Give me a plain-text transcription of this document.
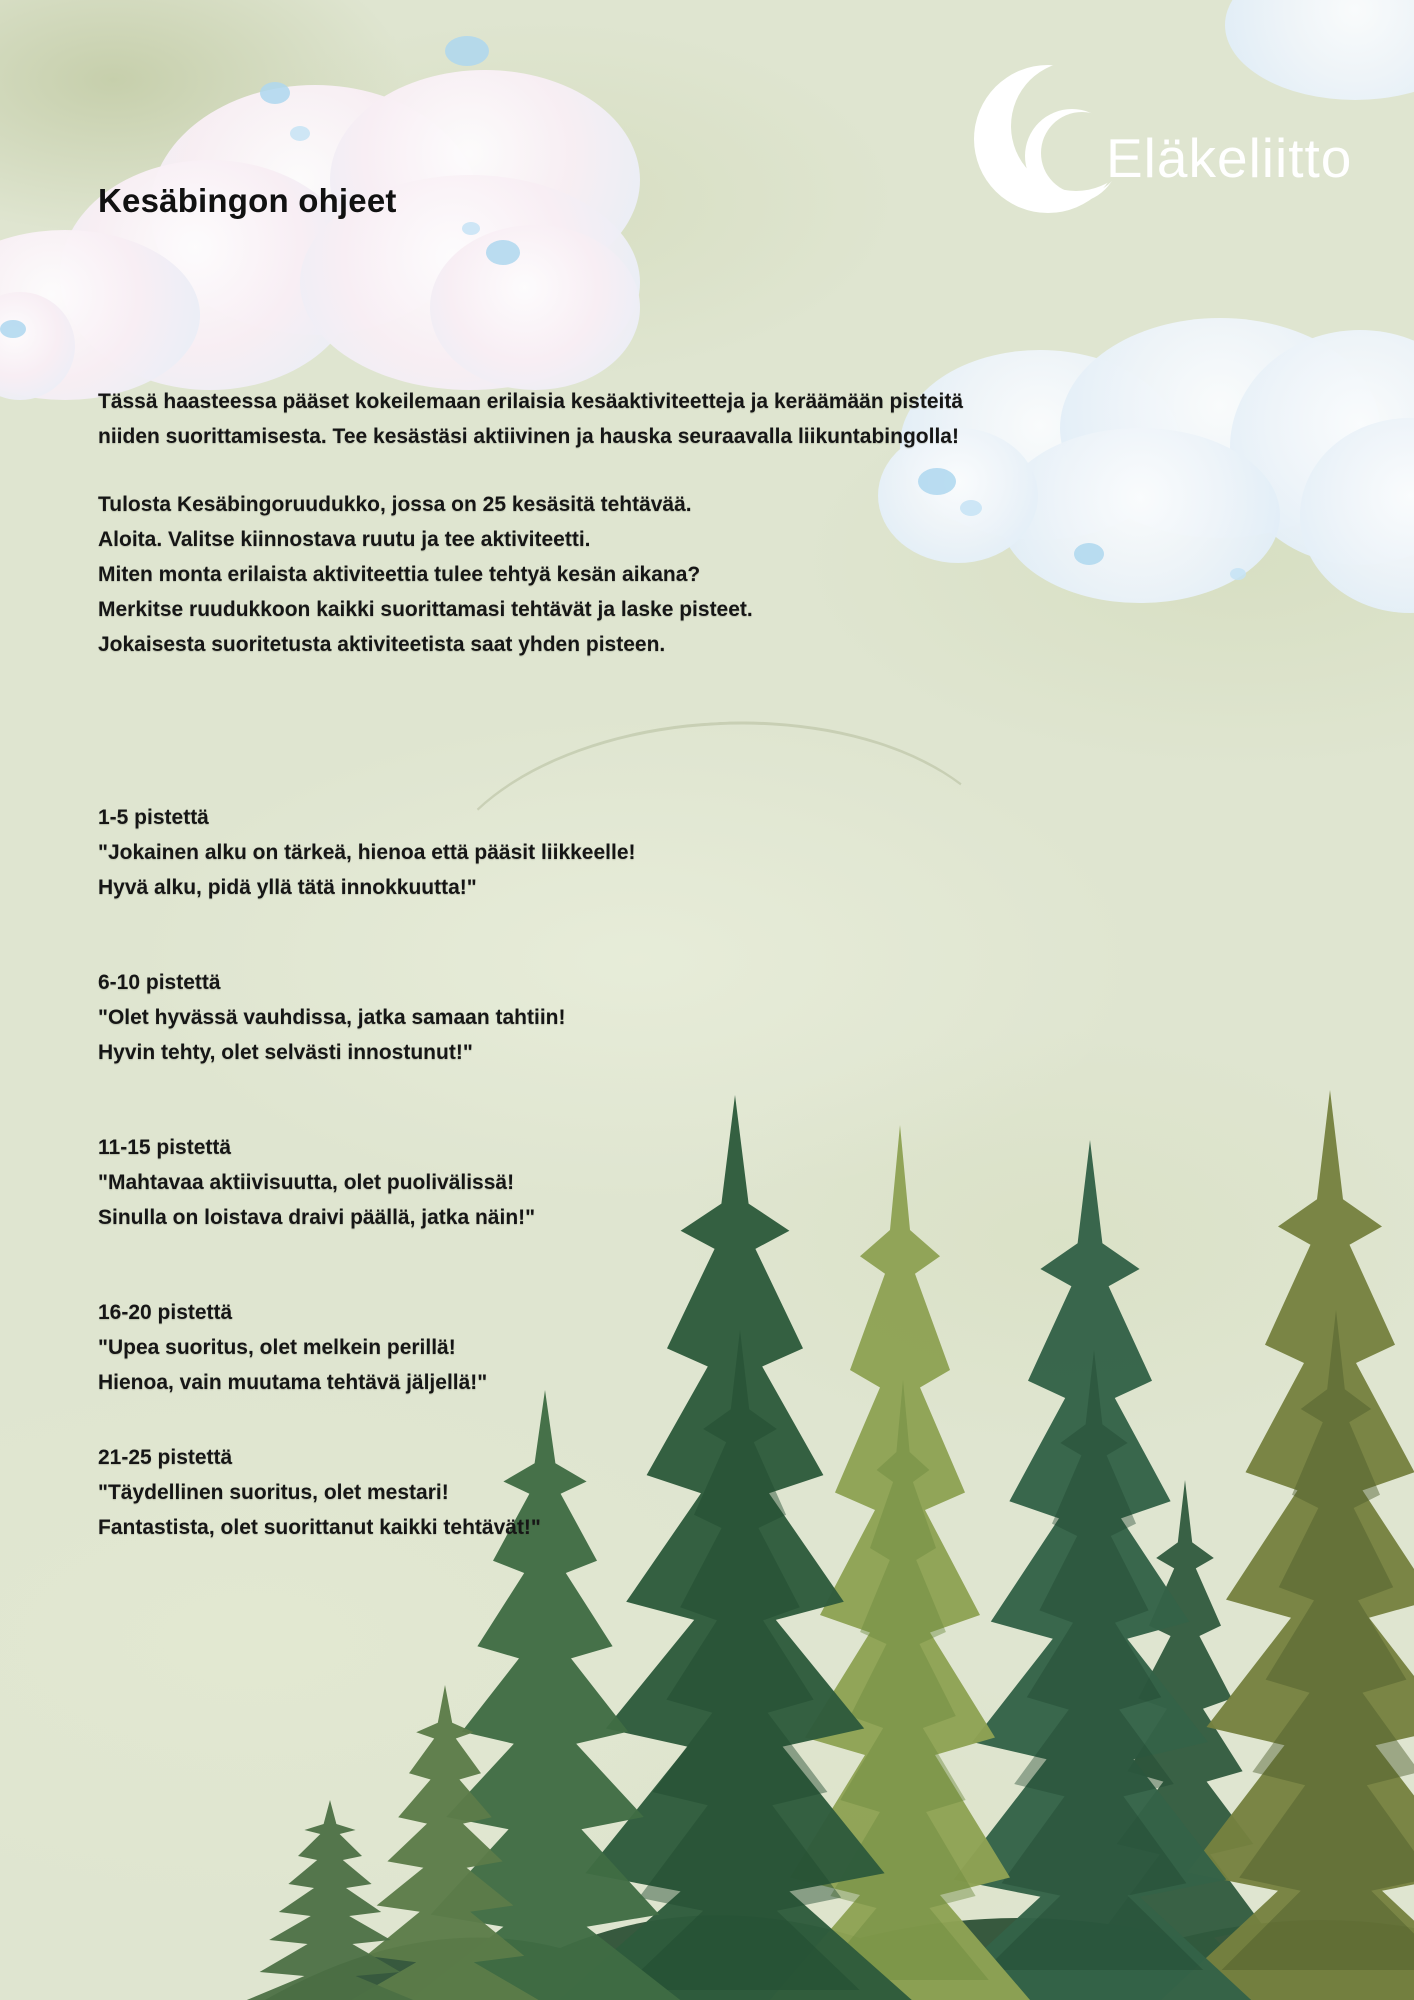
Eläkeliitto
Kesäbingon ohjeet
Tässä haasteessa pääset kokeilemaan erilaisia kesäaktiviteetteja ja keräämään pisteitä
niiden suorittamisesta. Tee kesästäsi aktiivinen ja hauska seuraavalla liikuntabingolla!
Tulosta Kesäbingoruudukko, jossa on 25 kesäsitä tehtävää.
Aloita. Valitse kiinnostava ruutu ja tee aktiviteetti.
Miten monta erilaista aktiviteettia tulee tehtyä kesän aikana?
Merkitse ruudukkoon kaikki suorittamasi tehtävät ja laske pisteet.
Jokaisesta suoritetusta aktiviteetista saat yhden pisteen.
1-5 pistettä
"Jokainen alku on tärkeä, hienoa että pääsit liikkeelle!
Hyvä alku, pidä yllä tätä innokkuutta!"
6-10 pistettä
"Olet hyvässä vauhdissa, jatka samaan tahtiin!
Hyvin tehty, olet selvästi innostunut!"
11-15 pistettä
"Mahtavaa aktiivisuutta, olet puolivälissä!
Sinulla on loistava draivi päällä, jatka näin!"
16-20 pistettä
"Upea suoritus, olet melkein perillä!
Hienoa, vain muutama tehtävä jäljellä!"
21-25 pistettä
"Täydellinen suoritus, olet mestari!
Fantastista, olet suorittanut kaikki tehtävät!"
